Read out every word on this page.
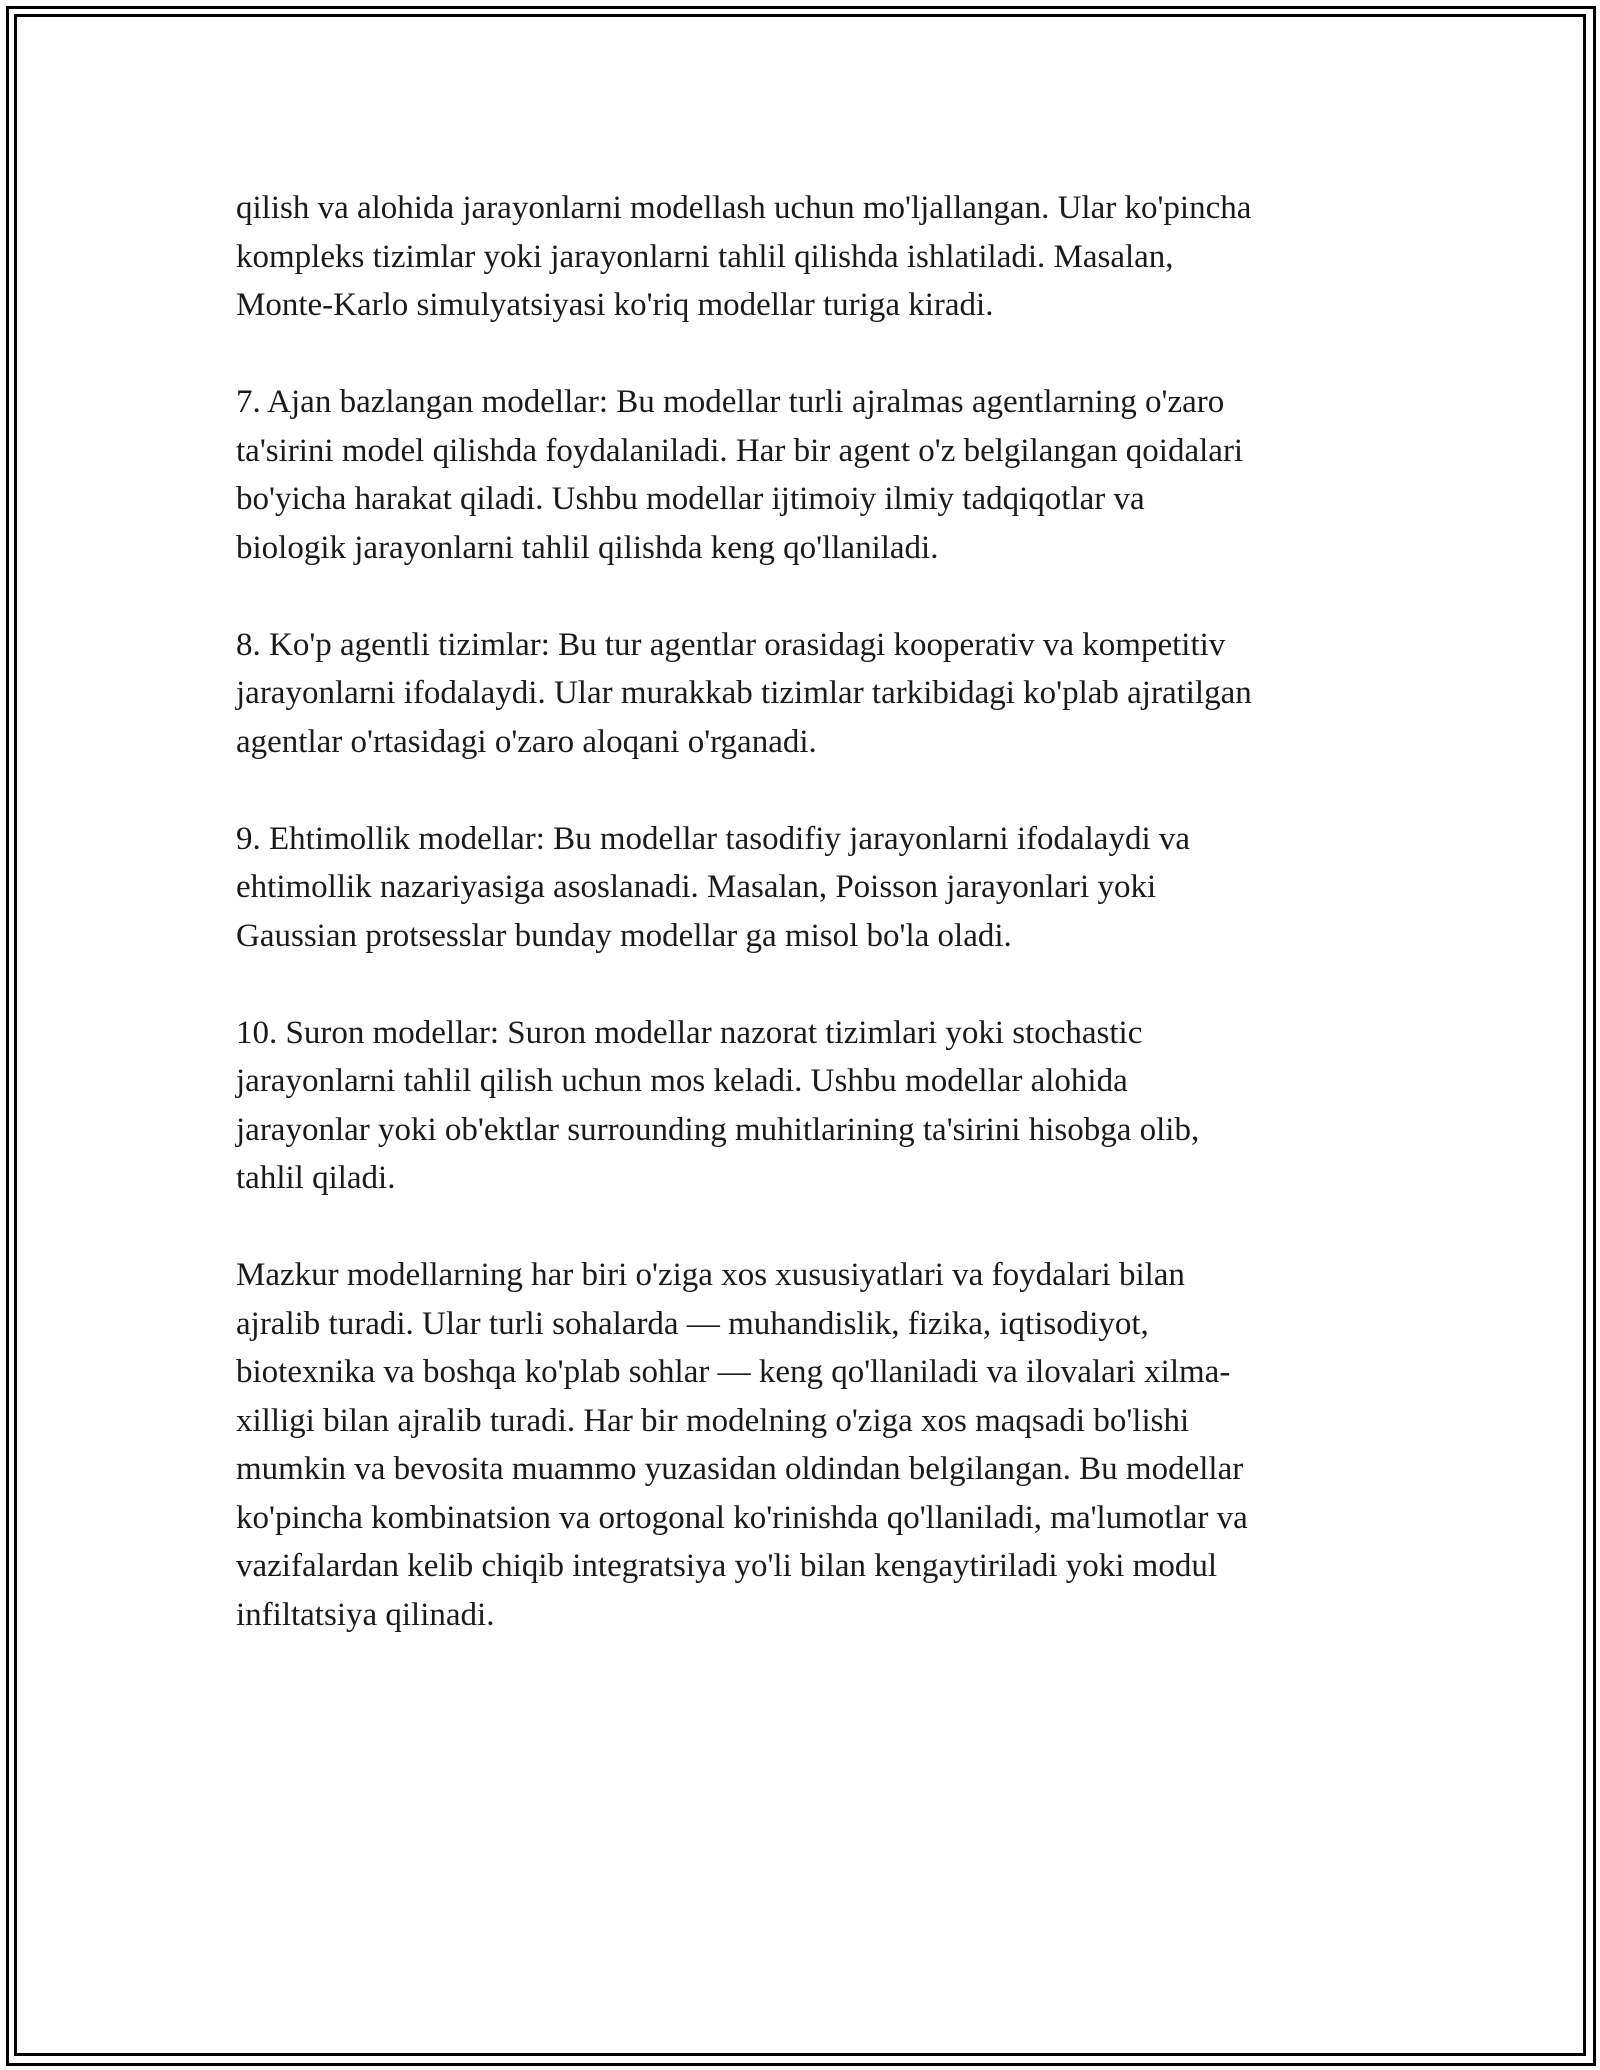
qilish va alohida jarayonlarni modellash uchun mo'ljallangan. Ular ko'pincha
kompleks tizimlar yoki jarayonlarni tahlil qilishda ishlatiladi. Masalan,
Monte-Karlo simulyatsiyasi ko'riq modellar turiga kiradi.

7. Ajan bazlangan modellar: Bu modellar turli ajralmas agentlarning o'zaro
ta'sirini model qilishda foydalaniladi. Har bir agent o'z belgilangan qoidalari
bo'yicha harakat qiladi. Ushbu modellar ijtimoiy ilmiy tadqiqotlar va
biologik jarayonlarni tahlil qilishda keng qo'llaniladi.

8. Ko'p agentli tizimlar: Bu tur agentlar orasidagi kooperativ va kompetitiv
jarayonlarni ifodalaydi. Ular murakkab tizimlar tarkibidagi ko'plab ajratilgan
agentlar o'rtasidagi o'zaro aloqani o'rganadi.

9. Ehtimollik modellar: Bu modellar tasodifiy jarayonlarni ifodalaydi va
ehtimollik nazariyasiga asoslanadi. Masalan, Poisson jarayonlari yoki
Gaussian protsesslar bunday modellar ga misol bo'la oladi.

10. Suron modellar: Suron modellar nazorat tizimlari yoki stochastic
jarayonlarni tahlil qilish uchun mos keladi. Ushbu modellar alohida
jarayonlar yoki ob'ektlar surrounding muhitlarining ta'sirini hisobga olib,
tahlil qiladi.

Mazkur modellarning har biri o'ziga xos xususiyatlari va foydalari bilan
ajralib turadi. Ular turli sohalarda — muhandislik, fizika, iqtisodiyot,
biotexnika va boshqa ko'plab sohlar — keng qo'llaniladi va ilovalari xilma-
xilligi bilan ajralib turadi. Har bir modelning o'ziga xos maqsadi bo'lishi
mumkin va bevosita muammo yuzasidan oldindan belgilangan. Bu modellar
ko'pincha kombinatsion va ortogonal ko'rinishda qo'llaniladi, ma'lumotlar va
vazifalardan kelib chiqib integratsiya yo'li bilan kengaytiriladi yoki modul
infiltatsiya qilinadi.
